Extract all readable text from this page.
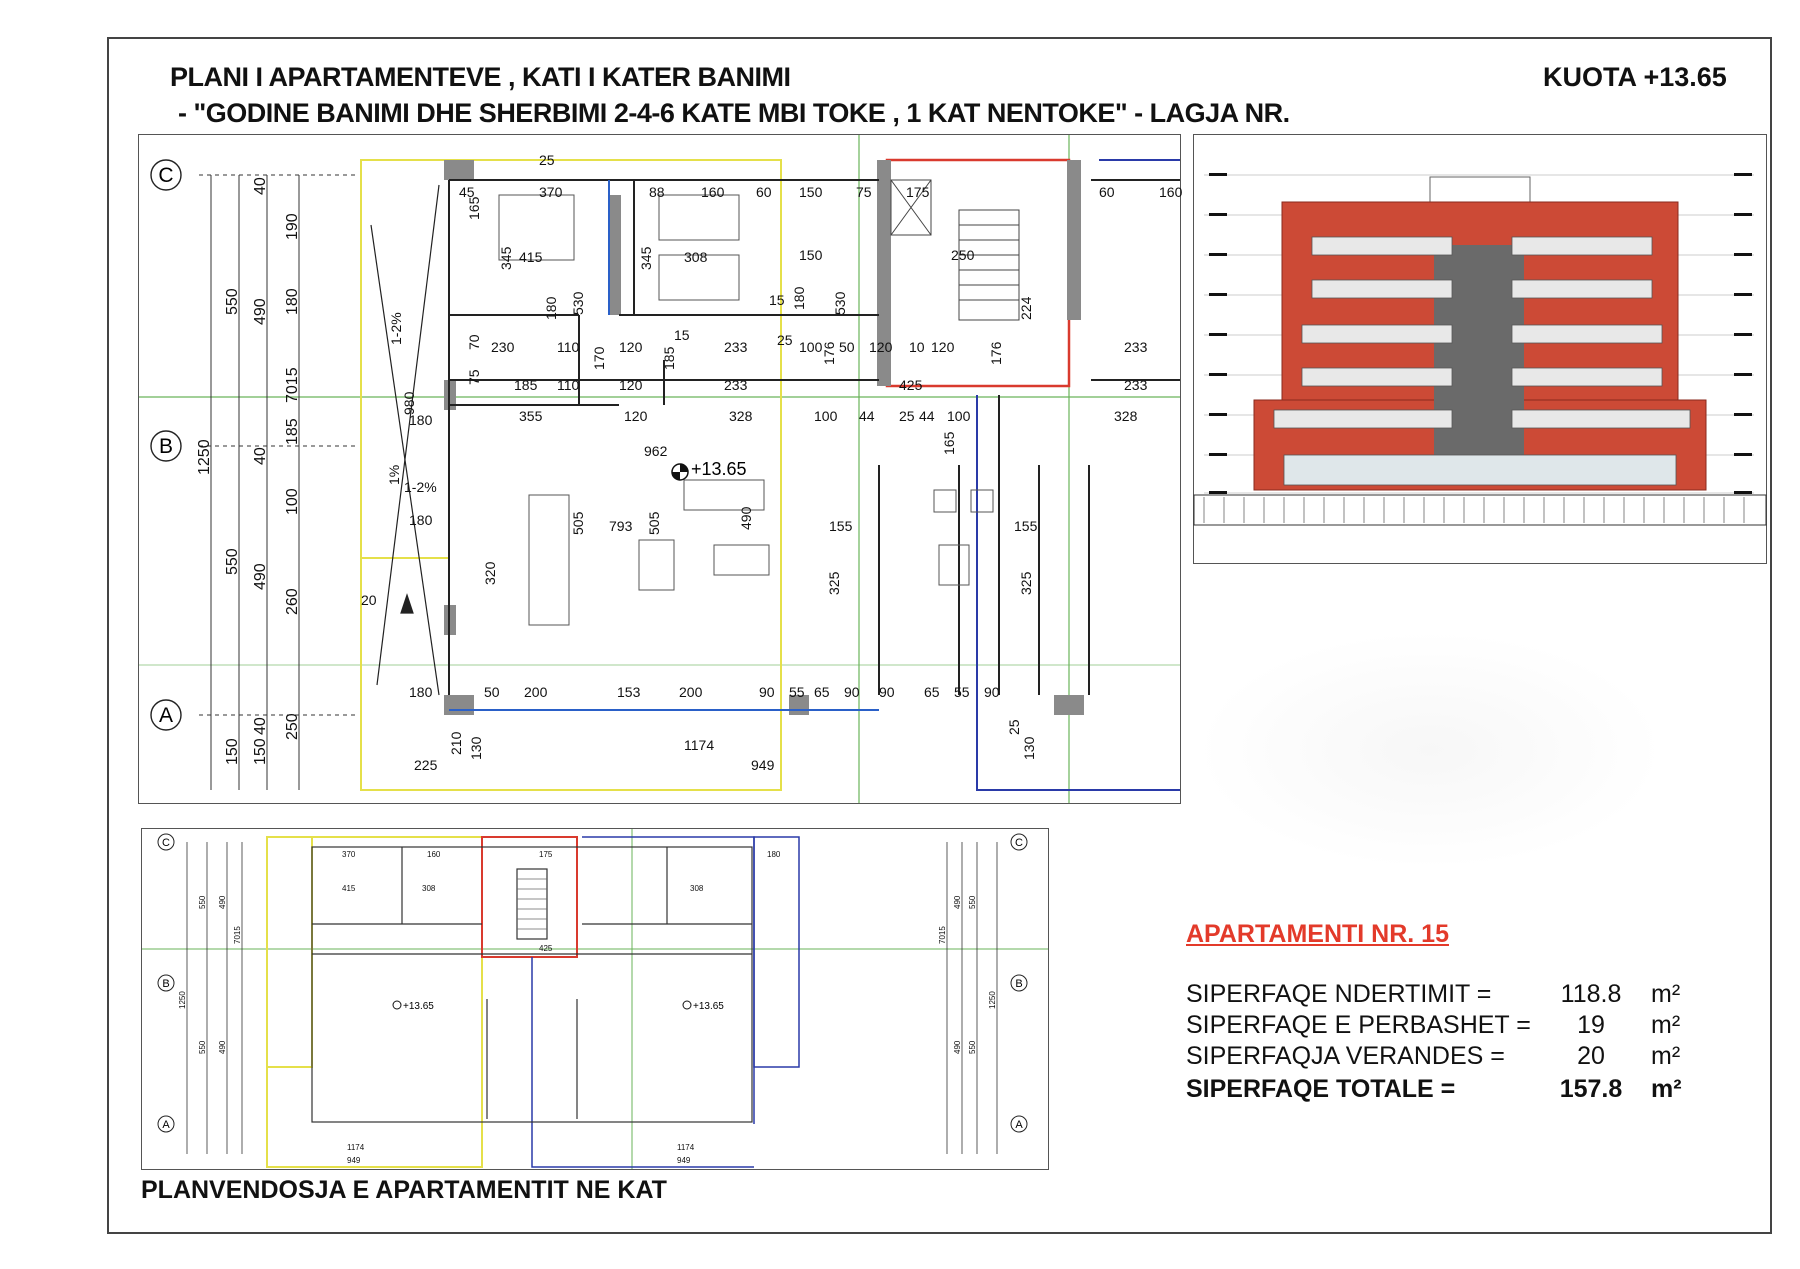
PLANI I APARTAMENTEVE , KATI I KATER BANIMI
- "GODINE BANIMI DHE SHERBIMI 2-4-6 KATE MBI TOKE , 1 KAT NENTOKE" - LAGJA NR.
KUOTA +13.65
C
B
A
550
550
1250
150
490
40
490
40
40
150
190
180
185
100
260
250
7015
370	88	160 60 150 75 175	60	160
415
345	308
345	150	250
180 530	530
180	224
230	110	120
15
233 25 100 50 120 10 120	233
185 110	120	233	425	233
355	120	328	100 44 25 44 100	328
962
793
505	505	490
320
155	155
325	325
200	153	200	90 55 65 90 90 65 55 90
210	1174
949
225
180
180
180
980
1-2%
1%
1-2%
15
25
20
45
50
70
75
165
165
176	176
170	185
130	130
25
+13.65
C
B
A
C
B
A
370	160	175	180
415	308	308
1174
949	949
1174
425
1250	1250
550
550
550
550
490
490
490
490
7015	7015
+13.65	+13.65
PLANVENDOSJA E APARTAMENTIT NE KAT
APARTAMENTI NR. 15
SIPERFAQE NDERTIMIT =	118.8	m²
SIPERFAQE E PERBASHET =	19	m²
SIPERFAQJA VERANDES =	20	m²
SIPERFAQE TOTALE =	157.8	m²
